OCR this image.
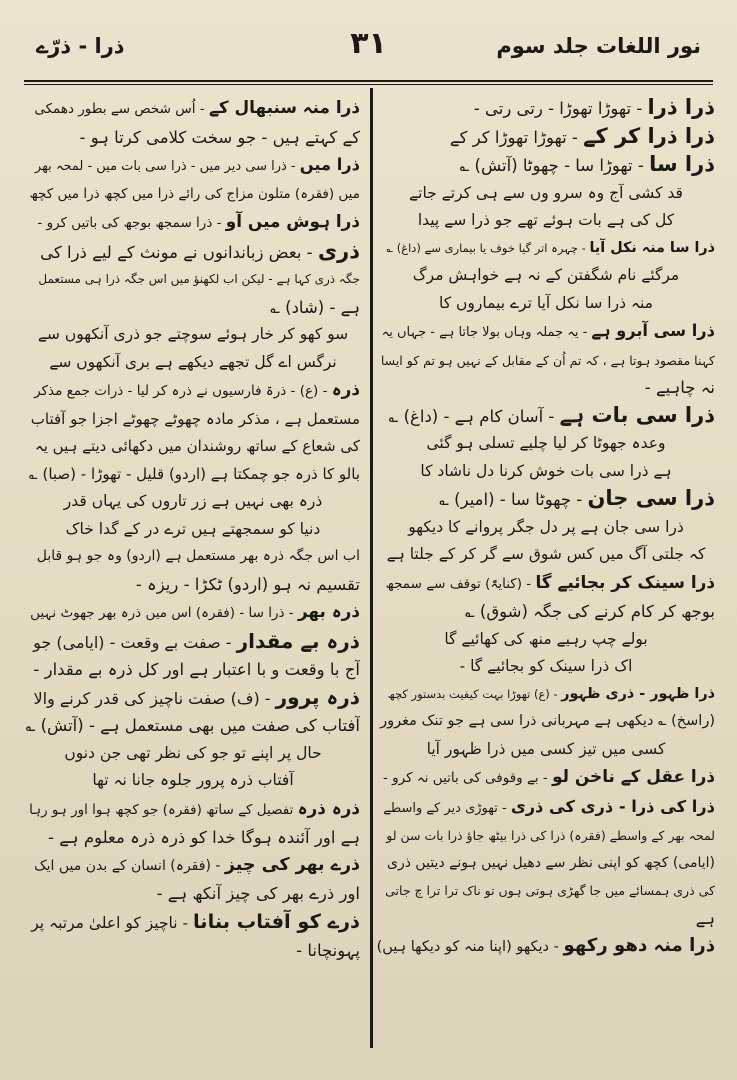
نور اللغات جلد سوم
۳۱
ذرا - ذرّے

ذرا ذرا - تھوڑا تھوڑا - رتی رتی -

ذرا ذرا کر کے - تھوڑا تھوڑا کر کے

ذرا سا - تھوڑا سا - چھوٹا (آتش) ؎

قد کشی آج وہ سرو وں سے ہی کرتے جاتے

کل کی ہے بات ہوئے تھے جو ذرا سے پیدا

ذرا سا منہ نکل آیا - چہرہ اتر گیا خوف یا بیماری سے (داغ) ؎

مرگئے نام شگفتن کے نہ ہے خواہش مرگ

منہ ذرا سا نکل آیا ترے بیماروں کا

ذرا سی آبرو ہے - یہ جملہ وہاں بولا جاتا ہے - جہاں یہ

کہنا مقصود ہوتا ہے ، کہ تم اُن کے مقابل کے نہیں ہو تم کو ایسا

نہ چاہیے -

ذرا سی بات ہے - آسان کام ہے - (داغ) ؎

وعدہ جھوٹا کر لیا چلیے تسلی ہو گئی

ہے ذرا سی بات خوش کرنا دل ناشاد کا

ذرا سی جان - چھوٹا سا - (امیر) ؎

ذرا سی جان ہے پر دل جگر پروانے کا دیکھو

کہ جلتی آگ میں کس شوق سے گر کر کے جلتا ہے

ذرا سینک کر بجائیے گا - (کنایۃً) توقف سے سمجھ

بوجھ کر کام کرنے کی جگہ (شوق) ؎

بولے چپ رہیے منھ کی کھائیے گا

اک ذرا سینک کو بجائیے گا -

ذرا ظہور - ذری ظہور - (ع) تھوڑا بہت کیفیت بدستور کچھ

(راسخ) ؎ دیکھی ہے مہربانی ذرا سی ہے جو تنک مغرور

کسی میں تیز کسی میں ذرا ظہور آیا

ذرا عقل کے ناخن لو - بے وقوفی کی باتیں نہ کرو -

ذرا کی ذرا - ذری کی ذری - تھوڑی دیر کے واسطے

لمحہ بھر کے واسطے (فقرہ) ذرا کی ذرا بیٹھ جاؤ ذرا بات سن لو

(ایامی) کچھ کو اپنی نظر سے دھیل نہیں ہونے دیتیں ذری

کی ذری ہمسائے میں جا گھڑی ہوتی ہوں تو ناک ترا ترا چ جاتی

ہے

ذرا منہ دھو رکھو - دیکھو (اپنا منہ کو دیکھا ہیں)

ذرا منہ سنبھال کے - اُس شخص سے بطور دھمکی

کے کہتے ہیں - جو سخت کلامی کرتا ہو -

ذرا میں - ذرا سی دیر میں - ذرا سی بات میں - لمحہ بھر

میں (فقرہ) متلون مزاج کی رائے ذرا میں کچھ ذرا میں کچھ

ذرا ہوش میں آو - ذرا سمجھ بوجھ کی باتیں کرو -

ذری - بعض زباندانوں نے مونث کے لیے ذرا کی

جگہ ذری کہا ہے - لیکن اب لکھنؤ میں اس جگہ ذرا ہی مستعمل

ہے - (شاد) ؎

سو کھو کر خار ہوئے سوچتے جو ذری آنکھوں سے

نرگس اے گل تجھے دیکھے ہے بری آنکھوں سے

ذرہ - (ع) - ذرۃ فارسیوں نے ذرہ کر لیا - ذرات جمع مذکر

مستعمل ہے ، مذکر مادہ چھوٹے چھوٹے اجزا جو آفتاب

کی شعاع کے ساتھ روشندان میں دکھائی دیتے ہیں یہ

بالو کا ذرہ جو چمکتا ہے (اردو) قلیل - تھوڑا - (صبا) ؎

ذرہ بھی نہیں ہے زر تاروں کی یہاں قدر

دنیا کو سمجھتے ہیں ترے در کے گدا خاک

اب اس جگہ ذرہ بھر مستعمل ہے (اردو) وہ جو ہو قابل

تقسیم نہ ہو (اردو) ٹکڑا - ریزہ -

ذرہ بھر - ذرا سا - (فقرہ) اس میں ذرہ بھر جھوٹ نہیں

ذرہ بے مقدار - صفت بے وقعت - (ایامی) جو

آج با وقعت و با اعتبار ہے اور کل ذرہ بے مقدار -

ذرہ پرور - (ف) صفت ناچیز کی قدر کرنے والا

آفتاب کی صفت میں بھی مستعمل ہے - (آتش) ؎

حال پر اپنے تو جو کی نظر تھی جن دنوں

آفتاب ذرہ پرور جلوہ جانا نہ تھا

ذرہ ذرہ تفصیل کے ساتھ (فقرہ) جو کچھ ہوا اور ہو رہا

ہے اور آئندہ ہوگا خدا کو ذرہ ذرہ معلوم ہے -

ذرے بھر کی چیز - (فقرہ) انسان کے بدن میں ایک

اور ذرے بھر کی چیز آنکھ ہے -

ذرے کو آفتاب بنانا - ناچیز کو اعلیٰ مرتبہ پر

پہونچانا -
